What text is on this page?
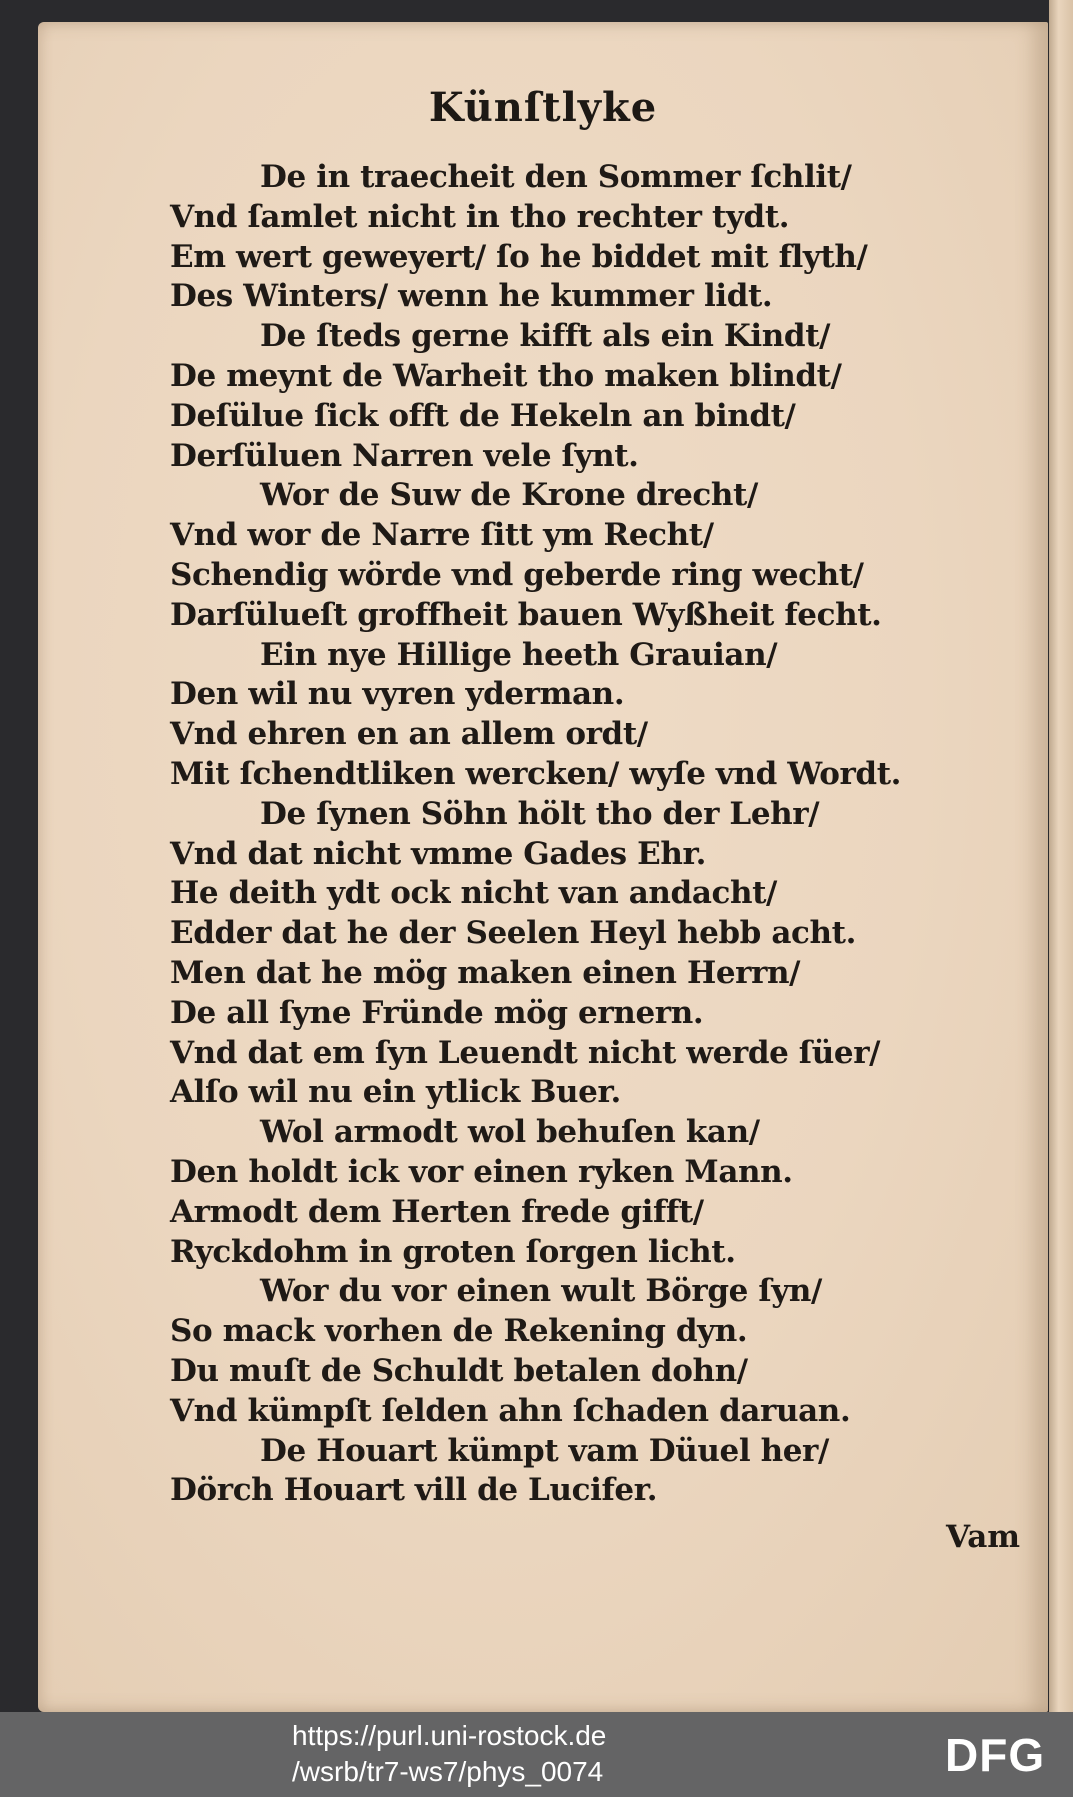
Künſtlyke
De in traecheit den Sommer ſchlit/
Vnd ſamlet nicht in tho rechter tydt.
Em wert geweyert/ ſo he biddet mit flyth/
Des Winters/ wenn he kummer lidt.
De ſteds gerne kifft als ein Kindt/
De meynt de Warheit tho maken blindt/
Deſülue ſick offt de Hekeln an bindt/
Derſüluen Narren vele ſynt.
Wor de Suw de Krone drecht/
Vnd wor de Narre ſitt ym Recht/
Schendig wörde vnd geberde ring wecht/
Darſülueſt groffheit bauen Wyßheit fecht.
Ein nye Hillige heeth Grauian/
Den wil nu vyren yderman.
Vnd ehren en an allem ordt/
Mit ſchendtliken wercken/ wyſe vnd Wordt.
De ſynen Söhn hölt tho der Lehr/
Vnd dat nicht vmme Gades Ehr.
He deith ydt ock nicht van andacht/
Edder dat he der Seelen Heyl hebb acht.
Men dat he mög maken einen Herrn/
De all ſyne Fründe mög ernern.
Vnd dat em ſyn Leuendt nicht werde ſüer/
Alſo wil nu ein ytlick Buer.
Wol armodt wol behuſen kan/
Den holdt ick vor einen ryken Mann.
Armodt dem Herten frede gifft/
Ryckdohm in groten ſorgen licht.
Wor du vor einen wult Börge ſyn/
So mack vorhen de Rekening dyn.
Du muſt de Schuldt betalen dohn/
Vnd kümpſt ſelden ahn ſchaden daruan.
De Houart kümpt vam Düuel her/
Dörch Houart vill de Lucifer.
Vam
https://purl.uni-rostock.de
/wsrb/tr7-ws7/phys_0074	DFG
